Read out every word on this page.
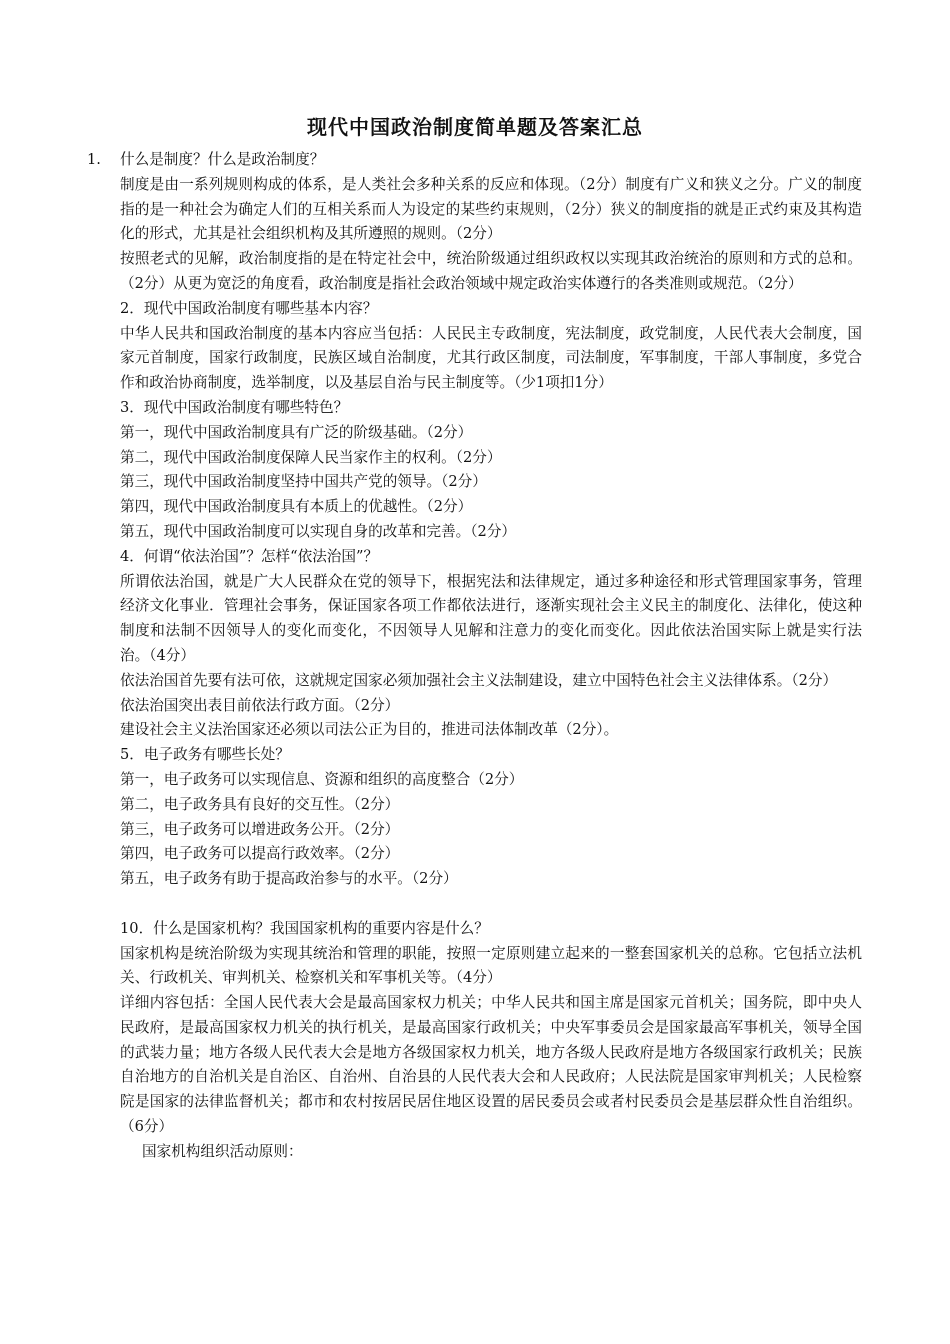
现代中国政治制度简单题及答案汇总

1. 什么是制度？什么是政治制度？

制度是由一系列规则构成的体系，是人类社会多种关系的反应和体现。（2分）制度有广义和狭义之分。广义的制度指的是一种社会为确定人们的互相关系而人为设定的某些约束规则，（2分）狭义的制度指的就是正式约束及其构造化的形式，尤其是社会组织机构及其所遵照的规则。（2分）

按照老式的见解，政治制度指的是在特定社会中，统治阶级通过组织政权以实现其政治统治的原则和方式的总和。（2分）从更为宽泛的角度看，政治制度是指社会政治领域中规定政治实体遵行的各类准则或规范。（2分）

2．现代中国政治制度有哪些基本内容？

中华人民共和国政治制度的基本内容应当包括：人民民主专政制度，宪法制度，政党制度，人民代表大会制度，国家元首制度，国家行政制度，民族区域自治制度，尤其行政区制度，司法制度，军事制度，干部人事制度，多党合作和政治协商制度，选举制度，以及基层自治与民主制度等。（少1项扣1分）

3．现代中国政治制度有哪些特色？

第一，现代中国政治制度具有广泛的阶级基础。（2分）

第二，现代中国政治制度保障人民当家作主的权利。（2分）

第三，现代中国政治制度坚持中国共产党的领导。（2分）

第四，现代中国政治制度具有本质上的优越性。（2分）

第五，现代中国政治制度可以实现自身的改革和完善。（2分）

4．何谓“依法治国”？怎样“依法治国”？

所谓依法治国，就是广大人民群众在党的领导下，根据宪法和法律规定，通过多种途径和形式管理国家事务，管理经济文化事业．管理社会事务，保证国家各项工作都依法进行，逐渐实现社会主义民主的制度化、法律化，使这种制度和法制不因领导人的变化而变化，不因领导人见解和注意力的变化而变化。因此依法治国实际上就是实行法治。（4分）

依法治国首先要有法可依，这就规定国家必须加强社会主义法制建设，建立中国特色社会主义法律体系。（2分）

依法治国突出表目前依法行政方面。（2分）

建设社会主义法治国家还必须以司法公正为目的，推进司法体制改革（2分）。

5．电子政务有哪些长处？

第一，电子政务可以实现信息、资源和组织的高度整合（2分）

第二，电子政务具有良好的交互性。（2分）

第三，电子政务可以增进政务公开。（2分）

第四，电子政务可以提高行政效率。（2分）

第五，电子政务有助于提高政治参与的水平。（2分）

10．什么是国家机构？我国国家机构的重要内容是什么？

国家机构是统治阶级为实现其统治和管理的职能，按照一定原则建立起来的一整套国家机关的总称。它包括立法机关、行政机关、审判机关、检察机关和军事机关等。（4分）

详细内容包括：全国人民代表大会是最高国家权力机关；中华人民共和国主席是国家元首机关；国务院，即中央人民政府，是最高国家权力机关的执行机关，是最高国家行政机关；中央军事委员会是国家最高军事机关，领导全国的武装力量；地方各级人民代表大会是地方各级国家权力机关，地方各级人民政府是地方各级国家行政机关；民族自治地方的自治机关是自治区、自治州、自治县的人民代表大会和人民政府；人民法院是国家审判机关；人民检察院是国家的法律监督机关；都市和农村按居民居住地区设置的居民委员会或者村民委员会是基层群众性自治组织。（6分）

国家机构组织活动原则：
